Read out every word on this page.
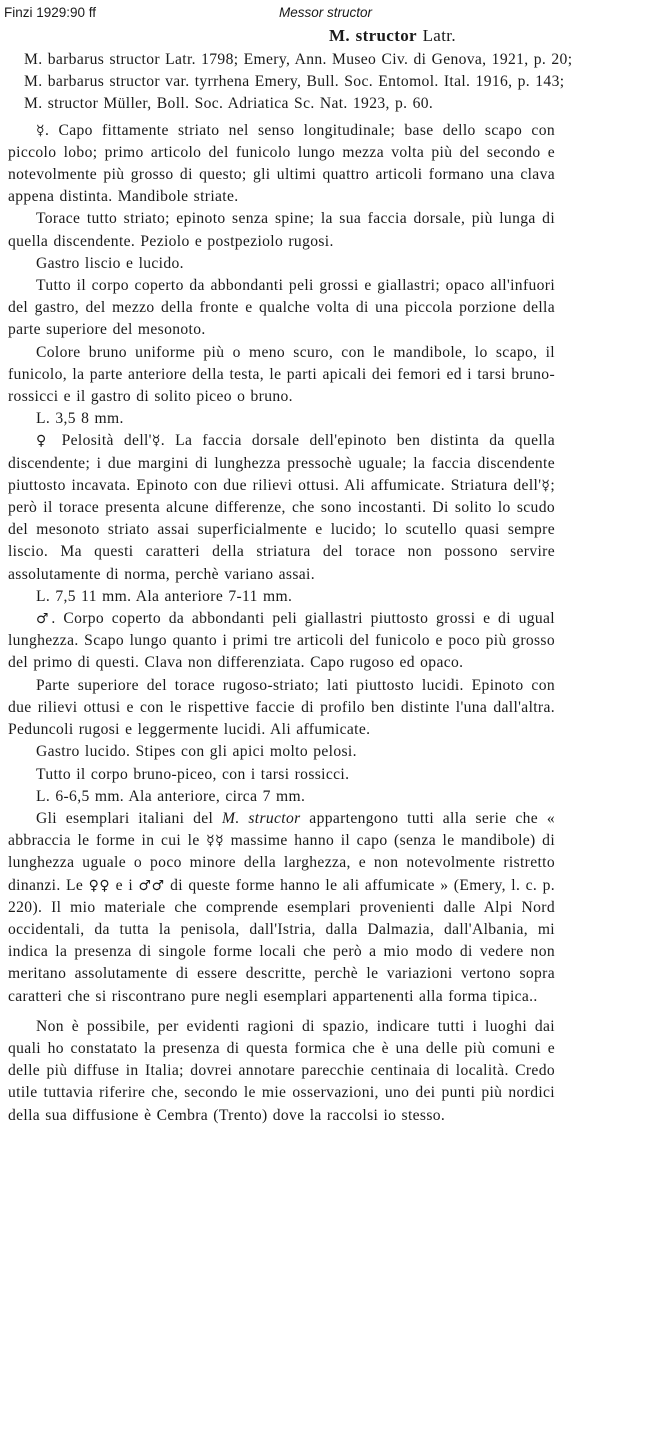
Finzi 1929:90 ff	Messor structor
M. structor Latr.

M. barbarus structor Latr. 1798; Emery, Ann. Museo Civ. di Genova, 1921, p. 20;

M. barbarus structor var. tyrrhena Emery, Bull. Soc. Entomol. Ital. 1916, p. 143;

M. structor Müller, Boll. Soc. Adriatica Sc. Nat. 1923, p. 60.

☿. Capo fittamente striato nel senso longitudinale; base dello scapo con piccolo lobo; primo articolo del funicolo lungo mezza volta più del secondo e notevolmente più grosso di questo; gli ultimi quattro articoli formano una clava appena distinta. Mandibole striate.

Torace tutto striato; epinoto senza spine; la sua faccia dorsale, più lunga di quella discendente. Peziolo e postpeziolo rugosi.

Gastro liscio e lucido.

Tutto il corpo coperto da abbondanti peli grossi e giallastri; opaco all'infuori del gastro, del mezzo della fronte e qualche volta di una piccola porzione della parte superiore del mesonoto.

Colore bruno uniforme più o meno scuro, con le mandibole, lo scapo, il funicolo, la parte anteriore della testa, le parti apicali dei femori ed i tarsi bruno-rossicci e il gastro di solito piceo o bruno.

L. 3,5 8 mm.

♀ Pelosità dell'☿. La faccia dorsale dell'epinoto ben distinta da quella discendente; i due margini di lunghezza pressochè uguale; la faccia discendente piuttosto incavata. Epinoto con due rilievi ottusi. Ali affumicate. Striatura dell'☿; però il torace presenta alcune differenze, che sono incostanti. Di solito lo scudo del mesonoto striato assai superficialmente e lucido; lo scutello quasi sempre liscio. Ma questi caratteri della striatura del torace non possono servire assolutamente di norma, perchè variano assai.

L. 7,5 11 mm. Ala anteriore 7-11 mm.

♂. Corpo coperto da abbondanti peli giallastri piuttosto grossi e di ugual lunghezza. Scapo lungo quanto i primi tre articoli del funicolo e poco più grosso del primo di questi. Clava non differenziata. Capo rugoso ed opaco.

Parte superiore del torace rugoso-striato; lati piuttosto lucidi. Epinoto con due rilievi ottusi e con le rispettive faccie di profilo ben distinte l'una dall'altra. Peduncoli rugosi e leggermente lucidi. Ali affumicate.

Gastro lucido. Stipes con gli apici molto pelosi.

Tutto il corpo bruno-piceo, con i tarsi rossicci.

L. 6-6,5 mm. Ala anteriore, circa 7 mm.

Gli esemplari italiani del M. structor appartengono tutti alla serie che « abbraccia le forme in cui le ☿☿ massime hanno il capo (senza le mandibole) di lunghezza uguale o poco minore della larghezza, e non notevolmente ristretto dinanzi. Le ♀♀ e i ♂♂ di queste forme hanno le ali affumicate » (Emery, l. c. p. 220). Il mio materiale che comprende esemplari provenienti dalle Alpi Nord occidentali, da tutta la penisola, dall'Istria, dalla Dalmazia, dall'Albania, mi indica la presenza di singole forme locali che però a mio modo di vedere non meritano assolutamente di essere descritte, perchè le variazioni vertono sopra caratteri che si riscontrano pure negli esemplari appartenenti alla forma tipica..

Non è possibile, per evidenti ragioni di spazio, indicare tutti i luoghi dai quali ho constatato la presenza di questa formica che è una delle più comuni e delle più diffuse in Italia; dovrei annotare parecchie centinaia di località. Credo utile tuttavia riferire che, secondo le mie osservazioni, uno dei punti più nordici della sua diffusione è Cembra (Trento) dove la raccolsi io stesso.
